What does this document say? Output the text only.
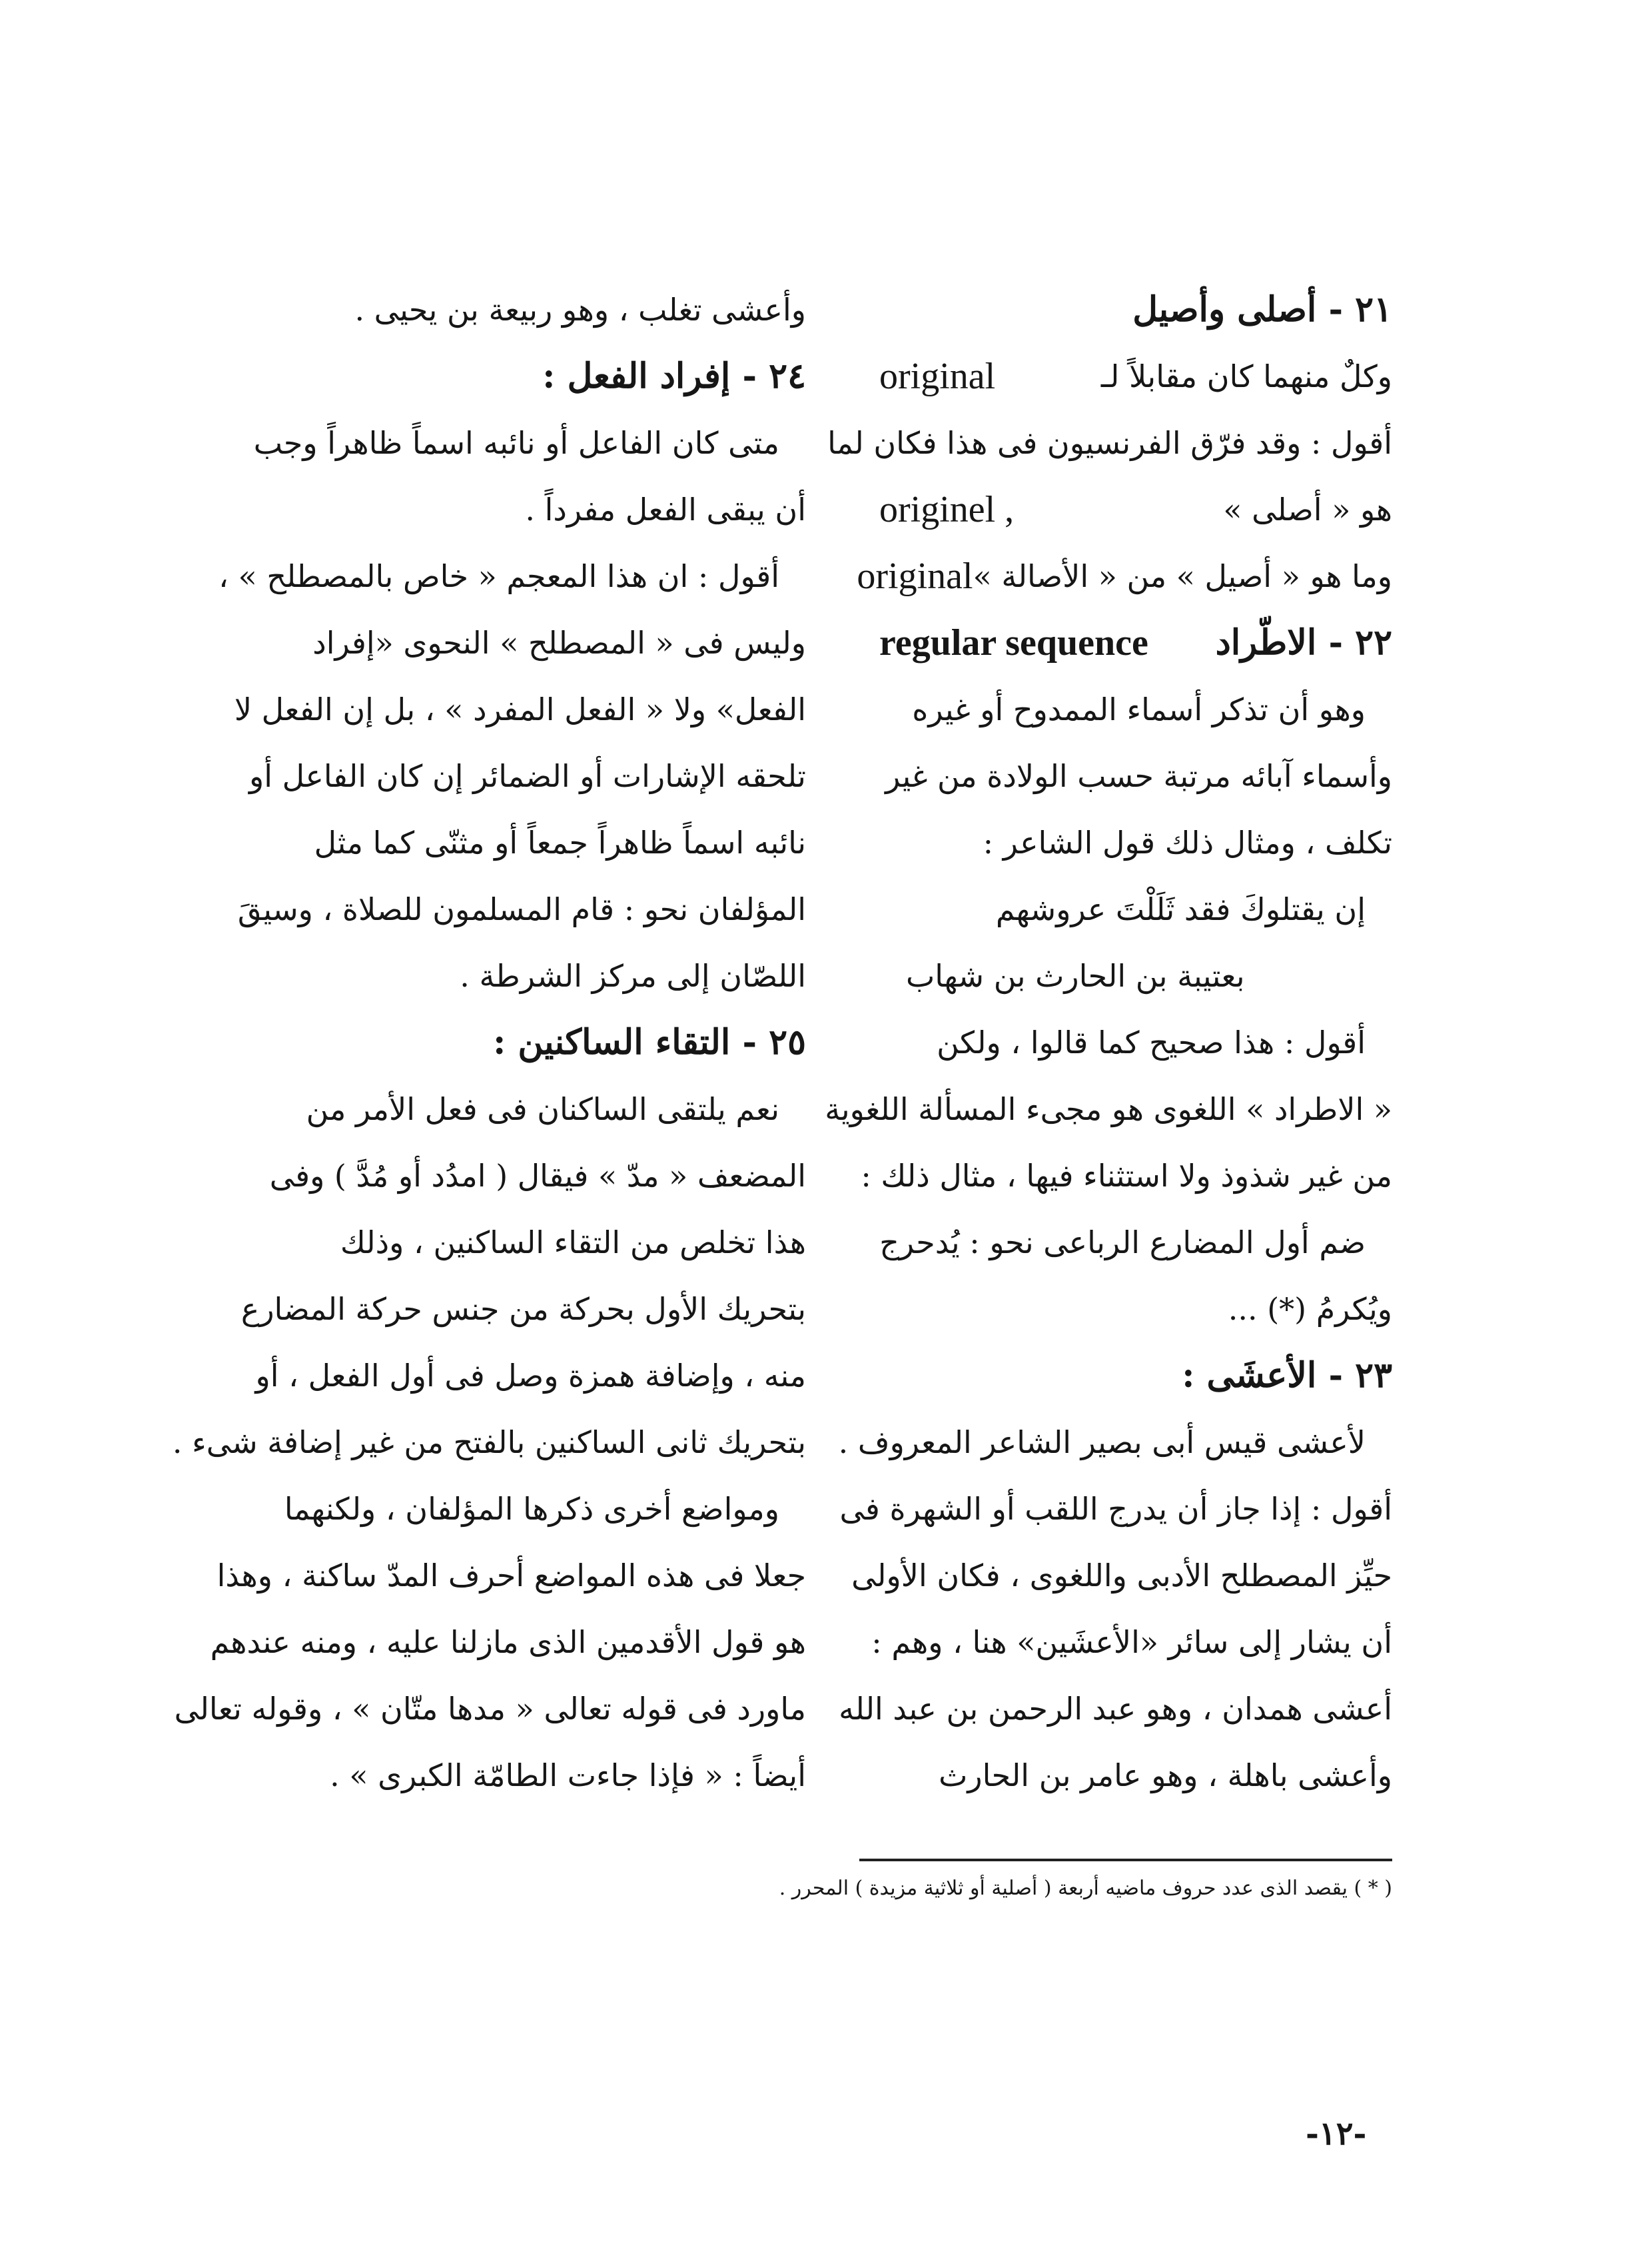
٢١ - أصلى وأصيل
وكلٌ منهما كان مقابلاً لـ
original
أقول : وقد فرّق الفرنسيون فى هذا فكان لما
هو « أصلى »
originel ,
وما هو « أصيل » من « الأصالة »
original
٢٢ - الاطّراد
regular sequence
وهو أن تذكر أسماء الممدوح أو غيره
وأسماء آبائه مرتبة حسب الولادة من غير
تكلف ، ومثال ذلك قول الشاعر :
إن يقتلوكَ فقد ثَلَلْتَ عروشهم
بعتيبة بن الحارث بن شهاب
أقول : هذا صحيح كما قالوا ، ولكن
« الاطراد » اللغوى هو مجىء المسألة اللغوية
من غير شذوذ ولا استثناء فيها ، مثال ذلك :
ضم أول المضارع الرباعى نحو : يُدحرج
ويُكرمُ (*) ...
٢٣ - الأعشَى :
لأعشى قيس أبى بصير الشاعر المعروف .
أقول : إذا جاز أن يدرج اللقب أو الشهرة فى
حيِّز المصطلح الأدبى واللغوى ، فكان الأولى
أن يشار إلى سائر «الأعشَين» هنا ، وهم :
أعشى همدان ، وهو عبد الرحمن بن عبد الله
وأعشى باهلة ، وهو عامر بن الحارث
وأعشى تغلب ، وهو ربيعة بن يحيى .
٢٤ - إفراد الفعل :
متى كان الفاعل أو نائبه اسماً ظاهراً وجب
أن يبقى الفعل مفرداً .
أقول : ان هذا المعجم « خاص بالمصطلح » ،
وليس فى « المصطلح » النحوى «إفراد
الفعل» ولا « الفعل المفرد » ، بل إن الفعل لا
تلحقه الإشارات أو الضمائر إن كان الفاعل أو
نائبه اسماً ظاهراً جمعاً أو مثنّى كما مثل
المؤلفان نحو : قام المسلمون للصلاة ، وسيقَ
اللصّان إلى مركز الشرطة .
٢٥ - التقاء الساكنين :
نعم يلتقى الساكنان فى فعل الأمر من
المضعف « مدّ » فيقال ( امدُد أو مُدَّ ) وفى
هذا تخلص من التقاء الساكنين ، وذلك
بتحريك الأول بحركة من جنس حركة المضارع
منه ، وإضافة همزة وصل فى أول الفعل ، أو
بتحريك ثانى الساكنين بالفتح من غير إضافة شىء .
ومواضع أخرى ذكرها المؤلفان ، ولكنهما
جعلا فى هذه المواضع أحرف المدّ ساكنة ، وهذا
هو قول الأقدمين الذى مازلنا عليه ، ومنه عندهم
ماورد فى قوله تعالى « مدها متّان » ، وقوله تعالى
أيضاً : « فإذا جاءت الطامّة الكبرى » .
( * ) يقصد الذى عدد حروف ماضيه أربعة ( أصلية أو ثلاثية مزيدة ) المحرر .
-١٢-
